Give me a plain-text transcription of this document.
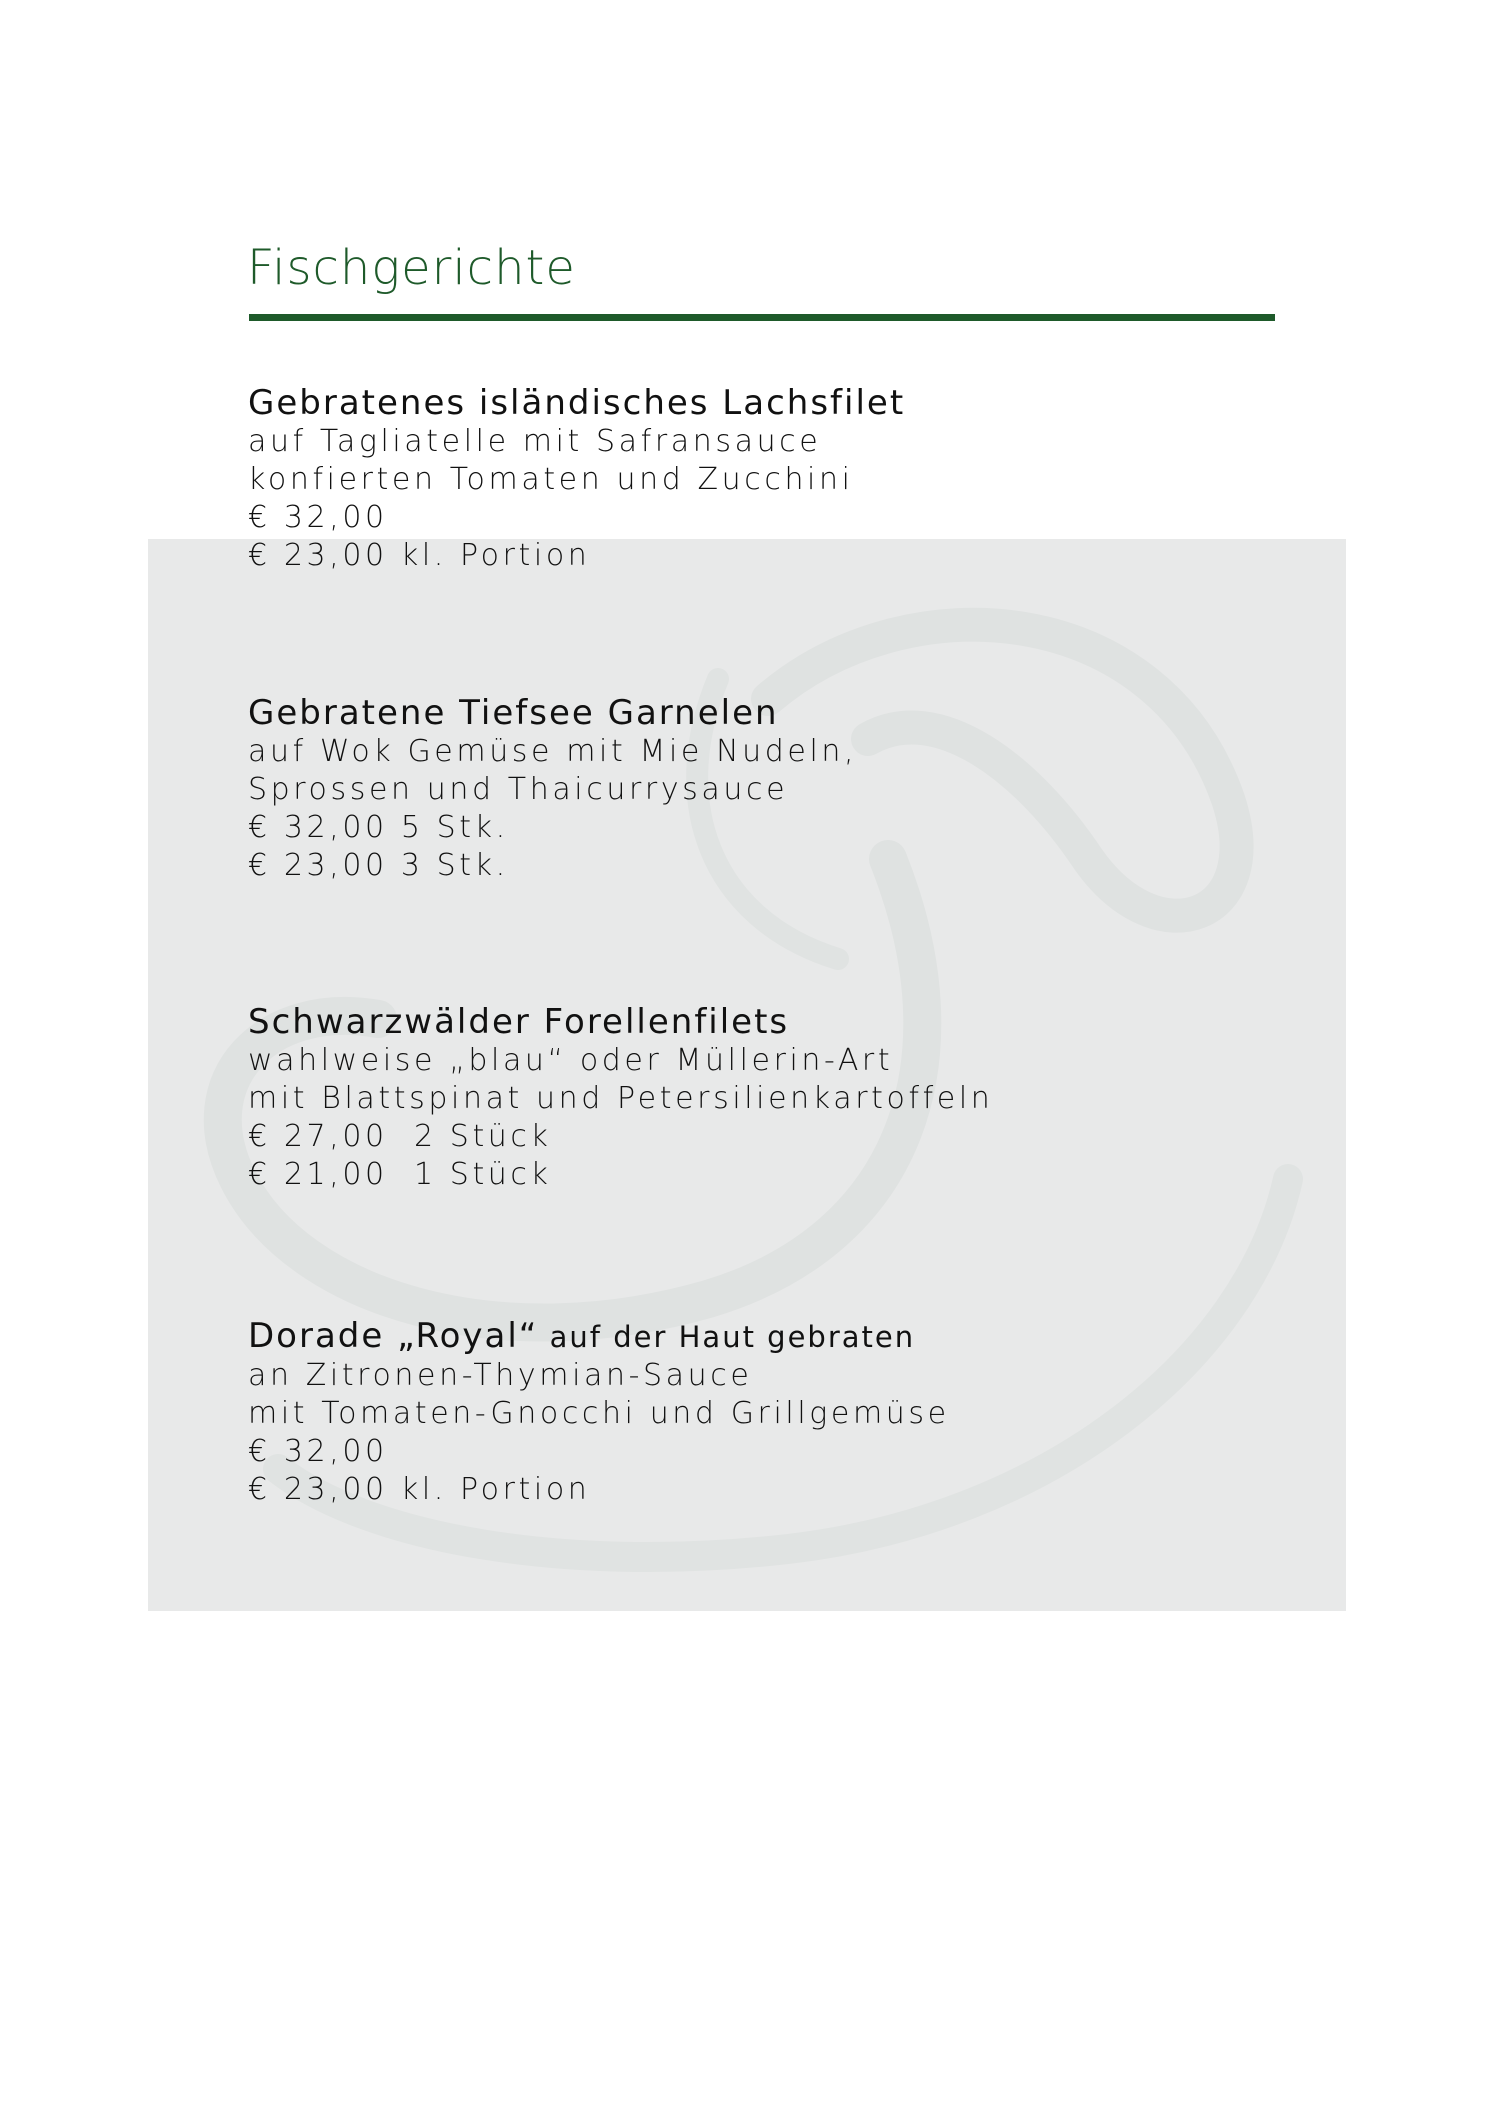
Fischgerichte
Gebratenes isländisches Lachsfilet
auf Tagliatelle mit Safransauce
konfierten Tomaten und Zucchini
€ 32,00
€ 23,00 kl. Portion
Gebratene Tiefsee Garnelen
auf Wok Gemüse mit Mie Nudeln,
Sprossen und Thaicurrysauce
€ 32,00 5 Stk.
€ 23,00 3 Stk.
Schwarzwälder Forellenfilets
wahlweise „blau“ oder Müllerin-Art
mit Blattspinat und Petersilienkartoffeln
€ 27,00  2 Stück
€ 21,00  1 Stück
Dorade „Royal“ auf der Haut gebraten
an Zitronen-Thymian-Sauce
mit Tomaten-Gnocchi und Grillgemüse
€ 32,00
€ 23,00 kl. Portion
